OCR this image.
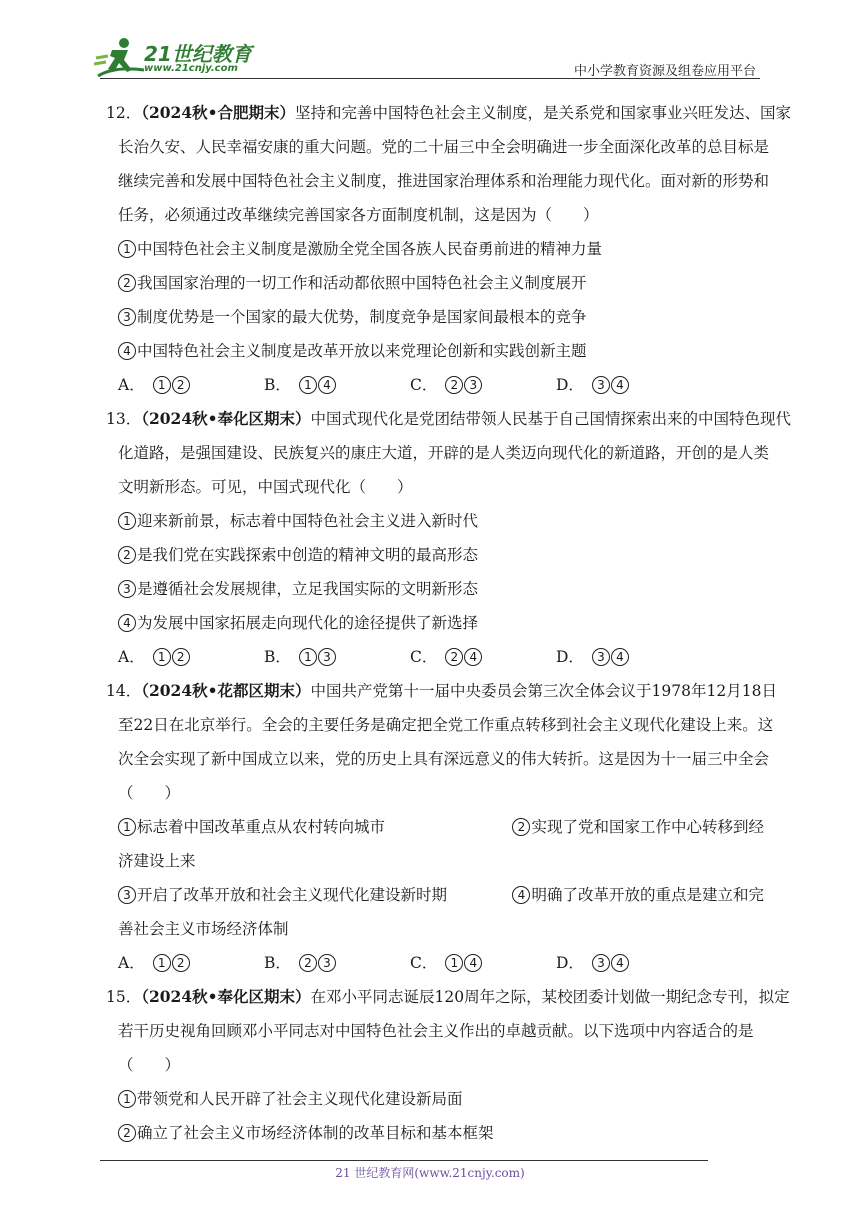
21世纪教育
www.21cnjy.com	中小学教育资源及组卷应用平台
12．（2024秋•合肥期末）坚持和完善中国特色社会主义制度，是关系党和国家事业兴旺发达、国家
长治久安、人民幸福安康的重大问题。党的二十届三中全会明确进一步全面深化改革的总目标是
继续完善和发展中国特色社会主义制度，推进国家治理体系和治理能力现代化。面对新的形势和
任务，必须通过改革继续完善国家各方面制度机制，这是因为（　　）
1 中国特色社会主义制度是激励全党全国各族人民奋勇前进的精神力量
2 我国国家治理的一切工作和活动都依照中国特色社会主义制度展开
3 制度优势是一个国家的最大优势，制度竞争是国家间最根本的竞争
4 中国特色社会主义制度是改革开放以来党理论创新和实践创新主题
A．	1 2	B．	1 4	C．	2 3	D．	3 4
13．（2024秋•奉化区期末）中国式现代化是党团结带领人民基于自己国情探索出来的中国特色现代
化道路，是强国建设、民族复兴的康庄大道，开辟的是人类迈向现代化的新道路，开创的是人类
文明新形态。可见，中国式现代化（　　）
1 迎来新前景，标志着中国特色社会主义进入新时代
2 是我们党在实践探索中创造的精神文明的最高形态
3 是遵循社会发展规律，立足我国实际的文明新形态
4 为发展中国家拓展走向现代化的途径提供了新选择
A．	1 2	B．	1 3	C．	2 4	D．	3 4
14．（2024秋•花都区期末）中国共产党第十一届中央委员会第三次全体会议于1978年12月18日
至22日在北京举行。全会的主要任务是确定把全党工作重点转移到社会主义现代化建设上来。这
次全会实现了新中国成立以来，党的历史上具有深远意义的伟大转折。这是因为十一届三中全会
（　　）
1 标志着中国改革重点从农村转向城市	2 实现了党和国家工作中心转移到经
济建设上来
3 开启了改革开放和社会主义现代化建设新时期	4 明确了改革开放的重点是建立和完
善社会主义市场经济体制
A．	1 2	B．	2 3	C．	1 4	D．	3 4
15．（2024秋•奉化区期末）在邓小平同志诞辰120周年之际，某校团委计划做一期纪念专刊，拟定
若干历史视角回顾邓小平同志对中国特色社会主义作出的卓越贡献。以下选项中内容适合的是
（　　）
1 带领党和人民开辟了社会主义现代化建设新局面
2 确立了社会主义市场经济体制的改革目标和基本框架
21 世纪教育网(www.21cnjy.com)
